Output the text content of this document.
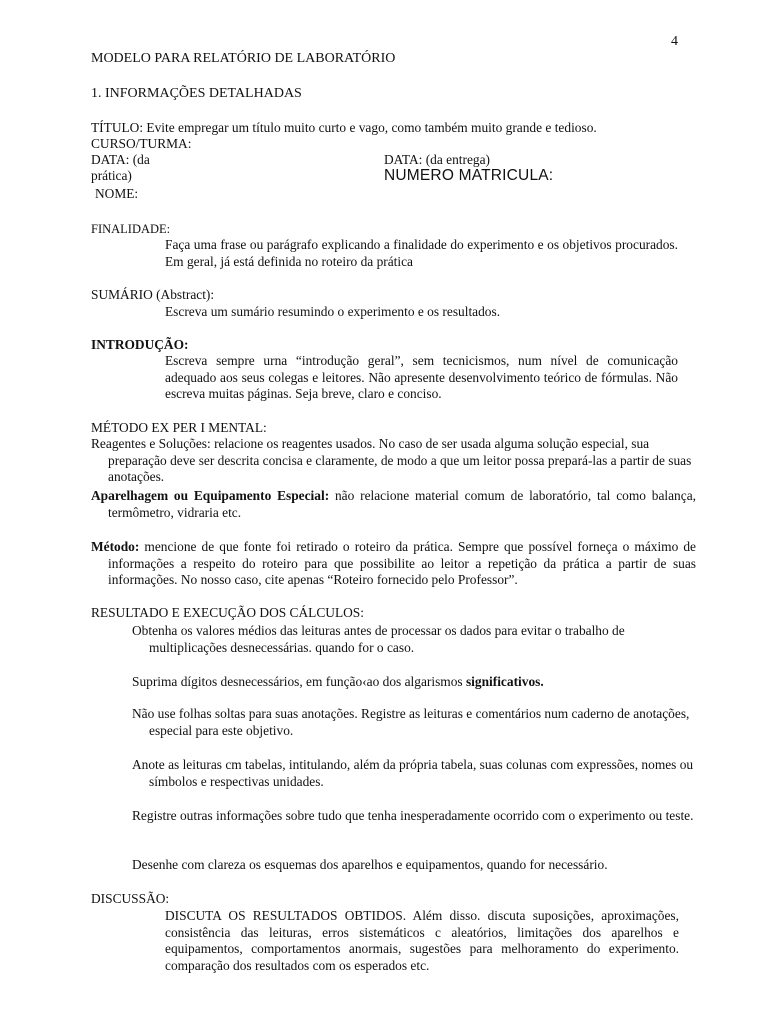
4
MODELO PARA RELATÓRIO DE LABORATÓRIO
1. INFORMAÇÕES DETALHADAS
TÍTULO: Evite empregar um título muito curto e vago, como também muito grande e tedioso.
CURSO/TURMA:
DATA: (da
prática)
DATA: (da entrega)
NUMERO MATRICULA:
NOME:
FINALIDADE:
Faça uma frase ou parágrafo explicando a finalidade do experimento e os objetivos procurados. Em geral, já está definida no roteiro da prática
SUMÁRIO (Abstract):
Escreva um sumário resumindo o experimento e os resultados.
INTRODUÇÃO:
Escreva sempre urna “introdução geral”, sem tecnicismos, num nível de comunicação adequado aos seus colegas e leitores. Não apresente desenvolvimento teórico de fórmulas. Não escreva muitas páginas. Seja breve, claro e conciso.
MÉTODO EX PER I MENTAL:
Reagentes e Soluções: relacione os reagentes usados. No caso de ser usada alguma solução especial, sua preparação deve ser descrita concisa e claramente, de modo a que um leitor possa prepará-las a partir de suas anotações.
Aparelhagem ou Equipamento Especial: não relacione material comum de laboratório, tal como balança, termômetro, vidraria etc.
Método: mencione de que fonte foi retirado o roteiro da prática. Sempre que possível forneça o máximo de informações a respeito do roteiro para que possibilite ao leitor a repetição da prática a partir de suas informações. No nosso caso, cite apenas “Roteiro fornecido pelo Professor”.
RESULTADO E EXECUÇÃO DOS CÁLCULOS:
Obtenha os valores médios das leituras antes de processar os dados para evitar o trabalho de multiplicações desnecessárias. quando for o caso.
Suprima dígitos desnecessários, em função‹ao dos algarismos significativos.
Não use folhas soltas para suas anotações. Registre as leituras e comentários num caderno de anotações, especial para este objetivo.
Anote as leituras cm tabelas, intitulando, além da própria tabela, suas colunas com expressões, nomes ou símbolos e respectivas unidades.
Registre outras informações sobre tudo que tenha inesperadamente ocorrido com o experimento ou teste.
Desenhe com clareza os esquemas dos aparelhos e equipamentos, quando for necessário.
DISCUSSÃO:
DISCUTA OS RESULTADOS OBTIDOS. Além disso. discuta suposições, aproximações, consistência das leituras, erros sistemáticos c aleatórios, limitações dos aparelhos e equipamentos, comportamentos anormais, sugestões para melhoramento do experimento. comparação dos resultados com os esperados etc.
